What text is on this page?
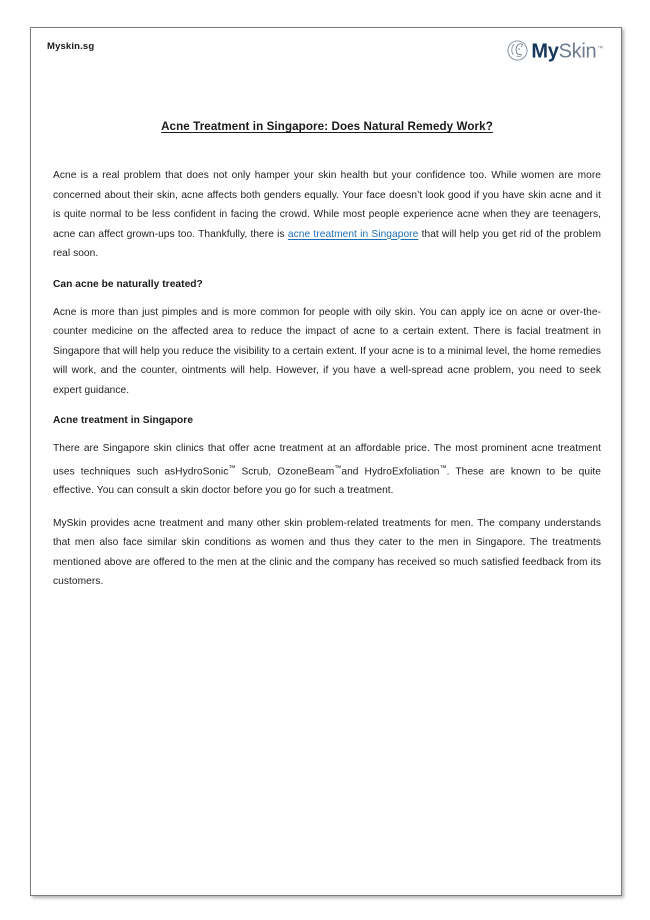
Myskin.sg	MySkin™
Acne Treatment in Singapore: Does Natural Remedy Work?

Acne is a real problem that does not only hamper your skin health but your confidence too. While women are more concerned about their skin, acne affects both genders equally. Your face doesn’t look good if you have skin acne and it is quite normal to be less confident in facing the crowd. While most people experience acne when they are teenagers, acne can affect grown-ups too. Thankfully, there is acne treatment in Singapore that will help you get rid of the problem real soon.

Can acne be naturally treated?

Acne is more than just pimples and is more common for people with oily skin. You can apply ice on acne or over-the-counter medicine on the affected area to reduce the impact of acne to a certain extent. There is facial treatment in Singapore that will help you reduce the visibility to a certain extent. If your acne is to a minimal level, the home remedies will work, and the counter, ointments will help. However, if you have a well-spread acne problem, you need to seek expert guidance.

Acne treatment in Singapore

There are Singapore skin clinics that offer acne treatment at an affordable price. The most prominent acne treatment uses techniques such asHydroSonic™ Scrub, OzoneBeam™and HydroExfoliation™. These are known to be quite effective. You can consult a skin doctor before you go for such a treatment.

MySkin provides acne treatment and many other skin problem-related treatments for men. The company understands that men also face similar skin conditions as women and thus they cater to the men in Singapore. The treatments mentioned above are offered to the men at the clinic and the company has received so much satisfied feedback from its customers.
